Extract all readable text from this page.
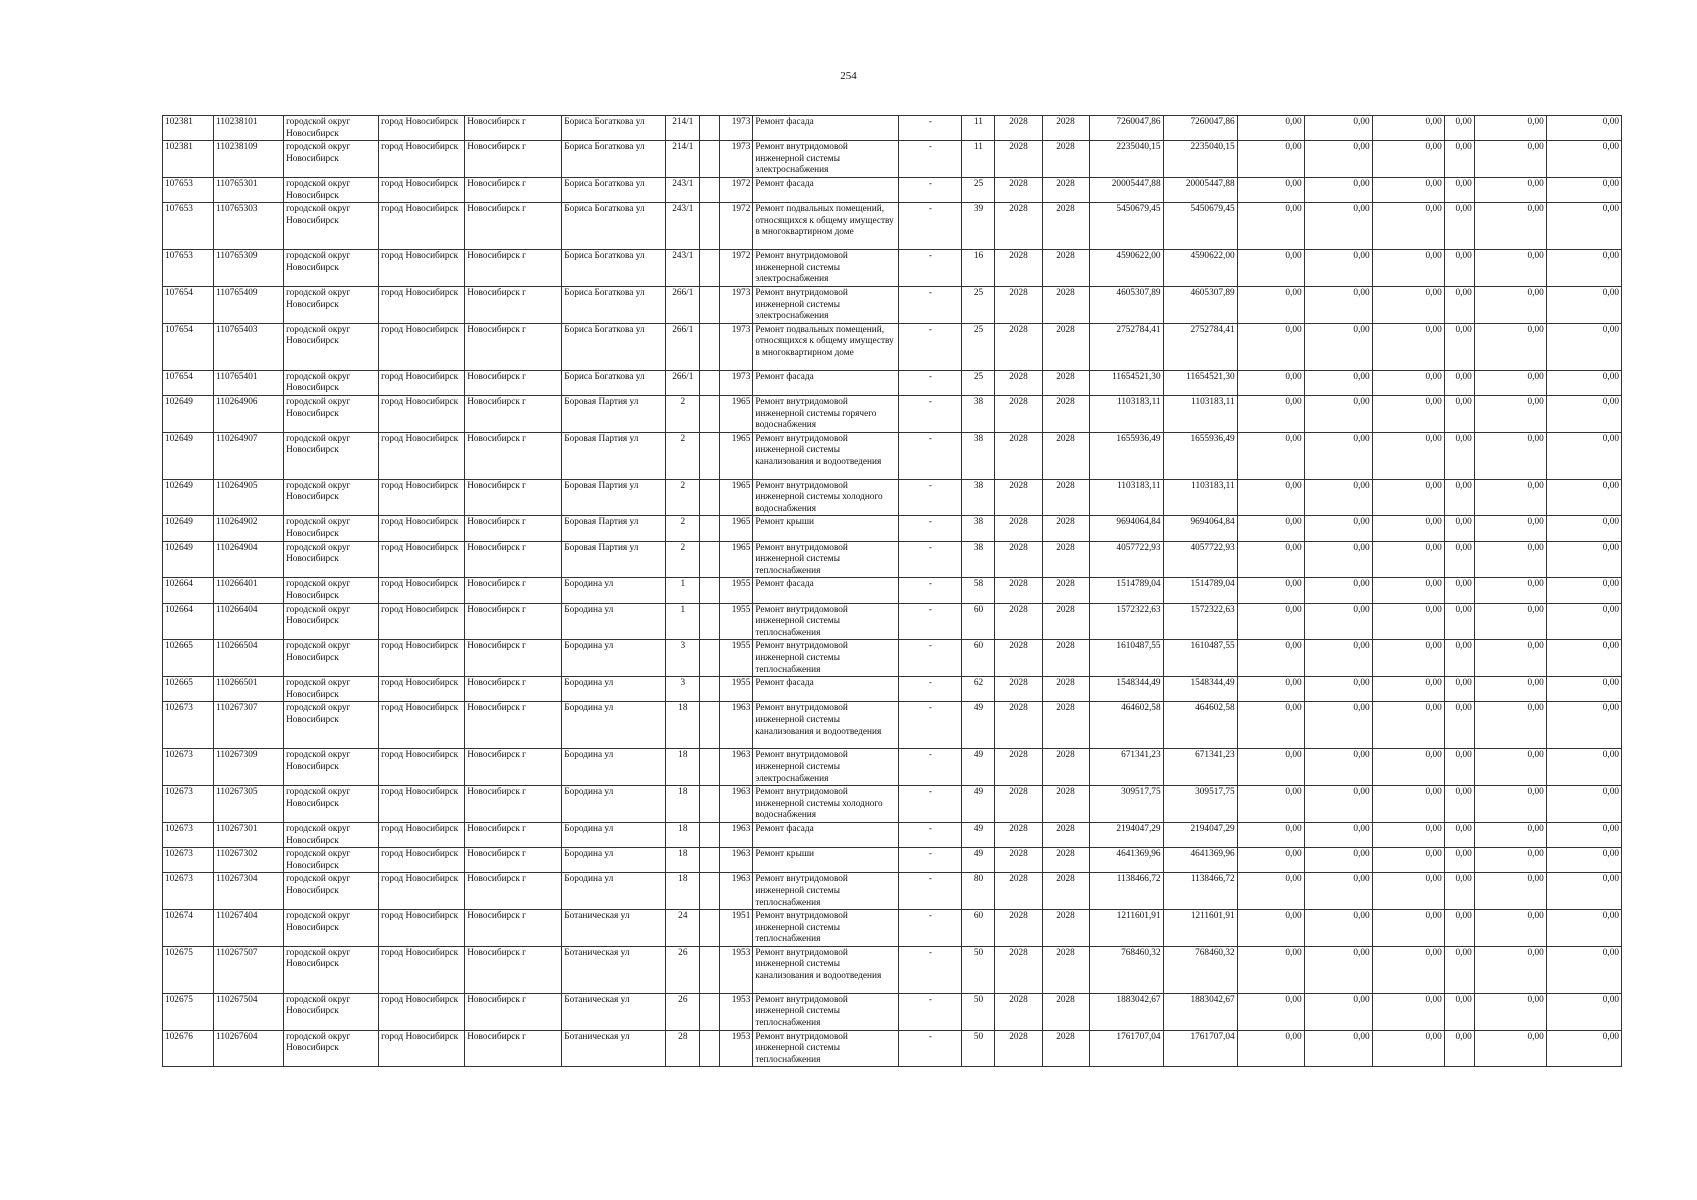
254
102381	110238101	городской округ Новосибирск	город Новосибирск	Новосибирск г	Бориса Богаткова ул	214/1		1973	Ремонт фасада	-	11	2028	2028	7260047,86	7260047,86	0,00	0,00	0,00	0,00	0,00	0,00
102381	110238109	городской округ Новосибирск	город Новосибирск	Новосибирск г	Бориса Богаткова ул	214/1		1973	Ремонт внутридомовой инженерной системы электроснабжения	-	11	2028	2028	2235040,15	2235040,15	0,00	0,00	0,00	0,00	0,00	0,00
107653	110765301	городской округ Новосибирск	город Новосибирск	Новосибирск г	Бориса Богаткова ул	243/1		1972	Ремонт фасада	-	25	2028	2028	20005447,88	20005447,88	0,00	0,00	0,00	0,00	0,00	0,00
107653	110765303	городской округ Новосибирск	город Новосибирск	Новосибирск г	Бориса Богаткова ул	243/1		1972	Ремонт подвальных помещений, относящихся к общему имуществу в многоквартирном доме	-	39	2028	2028	5450679,45	5450679,45	0,00	0,00	0,00	0,00	0,00	0,00
107653	110765309	городской округ Новосибирск	город Новосибирск	Новосибирск г	Бориса Богаткова ул	243/1		1972	Ремонт внутридомовой инженерной системы электроснабжения	-	16	2028	2028	4590622,00	4590622,00	0,00	0,00	0,00	0,00	0,00	0,00
107654	110765409	городской округ Новосибирск	город Новосибирск	Новосибирск г	Бориса Богаткова ул	266/1		1973	Ремонт внутридомовой инженерной системы электроснабжения	-	25	2028	2028	4605307,89	4605307,89	0,00	0,00	0,00	0,00	0,00	0,00
107654	110765403	городской округ Новосибирск	город Новосибирск	Новосибирск г	Бориса Богаткова ул	266/1		1973	Ремонт подвальных помещений, относящихся к общему имуществу в многоквартирном доме	-	25	2028	2028	2752784,41	2752784,41	0,00	0,00	0,00	0,00	0,00	0,00
107654	110765401	городской округ Новосибирск	город Новосибирск	Новосибирск г	Бориса Богаткова ул	266/1		1973	Ремонт фасада	-	25	2028	2028	11654521,30	11654521,30	0,00	0,00	0,00	0,00	0,00	0,00
102649	110264906	городской округ Новосибирск	город Новосибирск	Новосибирск г	Боровая Партия ул	2		1965	Ремонт внутридомовой инженерной системы горячего водоснабжения	-	38	2028	2028	1103183,11	1103183,11	0,00	0,00	0,00	0,00	0,00	0,00
102649	110264907	городской округ Новосибирск	город Новосибирск	Новосибирск г	Боровая Партия ул	2		1965	Ремонт внутридомовой инженерной системы канализования и водоотведения	-	38	2028	2028	1655936,49	1655936,49	0,00	0,00	0,00	0,00	0,00	0,00
102649	110264905	городской округ Новосибирск	город Новосибирск	Новосибирск г	Боровая Партия ул	2		1965	Ремонт внутридомовой инженерной системы холодного водоснабжения	-	38	2028	2028	1103183,11	1103183,11	0,00	0,00	0,00	0,00	0,00	0,00
102649	110264902	городской округ Новосибирск	город Новосибирск	Новосибирск г	Боровая Партия ул	2		1965	Ремонт крыши	-	38	2028	2028	9694064,84	9694064,84	0,00	0,00	0,00	0,00	0,00	0,00
102649	110264904	городской округ Новосибирск	город Новосибирск	Новосибирск г	Боровая Партия ул	2		1965	Ремонт внутридомовой инженерной системы теплоснабжения	-	38	2028	2028	4057722,93	4057722,93	0,00	0,00	0,00	0,00	0,00	0,00
102664	110266401	городской округ Новосибирск	город Новосибирск	Новосибирск г	Бородина ул	1		1955	Ремонт фасада	-	58	2028	2028	1514789,04	1514789,04	0,00	0,00	0,00	0,00	0,00	0,00
102664	110266404	городской округ Новосибирск	город Новосибирск	Новосибирск г	Бородина ул	1		1955	Ремонт внутридомовой инженерной системы теплоснабжения	-	60	2028	2028	1572322,63	1572322,63	0,00	0,00	0,00	0,00	0,00	0,00
102665	110266504	городской округ Новосибирск	город Новосибирск	Новосибирск г	Бородина ул	3		1955	Ремонт внутридомовой инженерной системы теплоснабжения	-	60	2028	2028	1610487,55	1610487,55	0,00	0,00	0,00	0,00	0,00	0,00
102665	110266501	городской округ Новосибирск	город Новосибирск	Новосибирск г	Бородина ул	3		1955	Ремонт фасада	-	62	2028	2028	1548344,49	1548344,49	0,00	0,00	0,00	0,00	0,00	0,00
102673	110267307	городской округ Новосибирск	город Новосибирск	Новосибирск г	Бородина ул	18		1963	Ремонт внутридомовой инженерной системы канализования и водоотведения	-	49	2028	2028	464602,58	464602,58	0,00	0,00	0,00	0,00	0,00	0,00
102673	110267309	городской округ Новосибирск	город Новосибирск	Новосибирск г	Бородина ул	18		1963	Ремонт внутридомовой инженерной системы электроснабжения	-	49	2028	2028	671341,23	671341,23	0,00	0,00	0,00	0,00	0,00	0,00
102673	110267305	городской округ Новосибирск	город Новосибирск	Новосибирск г	Бородина ул	18		1963	Ремонт внутридомовой инженерной системы холодного водоснабжения	-	49	2028	2028	309517,75	309517,75	0,00	0,00	0,00	0,00	0,00	0,00
102673	110267301	городской округ Новосибирск	город Новосибирск	Новосибирск г	Бородина ул	18		1963	Ремонт фасада	-	49	2028	2028	2194047,29	2194047,29	0,00	0,00	0,00	0,00	0,00	0,00
102673	110267302	городской округ Новосибирск	город Новосибирск	Новосибирск г	Бородина ул	18		1963	Ремонт крыши	-	49	2028	2028	4641369,96	4641369,96	0,00	0,00	0,00	0,00	0,00	0,00
102673	110267304	городской округ Новосибирск	город Новосибирск	Новосибирск г	Бородина ул	18		1963	Ремонт внутридомовой инженерной системы теплоснабжения	-	80	2028	2028	1138466,72	1138466,72	0,00	0,00	0,00	0,00	0,00	0,00
102674	110267404	городской округ Новосибирск	город Новосибирск	Новосибирск г	Ботаническая ул	24		1951	Ремонт внутридомовой инженерной системы теплоснабжения	-	60	2028	2028	1211601,91	1211601,91	0,00	0,00	0,00	0,00	0,00	0,00
102675	110267507	городской округ Новосибирск	город Новосибирск	Новосибирск г	Ботаническая ул	26		1953	Ремонт внутридомовой инженерной системы канализования и водоотведения	-	50	2028	2028	768460,32	768460,32	0,00	0,00	0,00	0,00	0,00	0,00
102675	110267504	городской округ Новосибирск	город Новосибирск	Новосибирск г	Ботаническая ул	26		1953	Ремонт внутридомовой инженерной системы теплоснабжения	-	50	2028	2028	1883042,67	1883042,67	0,00	0,00	0,00	0,00	0,00	0,00
102676	110267604	городской округ Новосибирск	город Новосибирск	Новосибирск г	Ботаническая ул	28		1953	Ремонт внутридомовой инженерной системы теплоснабжения	-	50	2028	2028	1761707,04	1761707,04	0,00	0,00	0,00	0,00	0,00	0,00
